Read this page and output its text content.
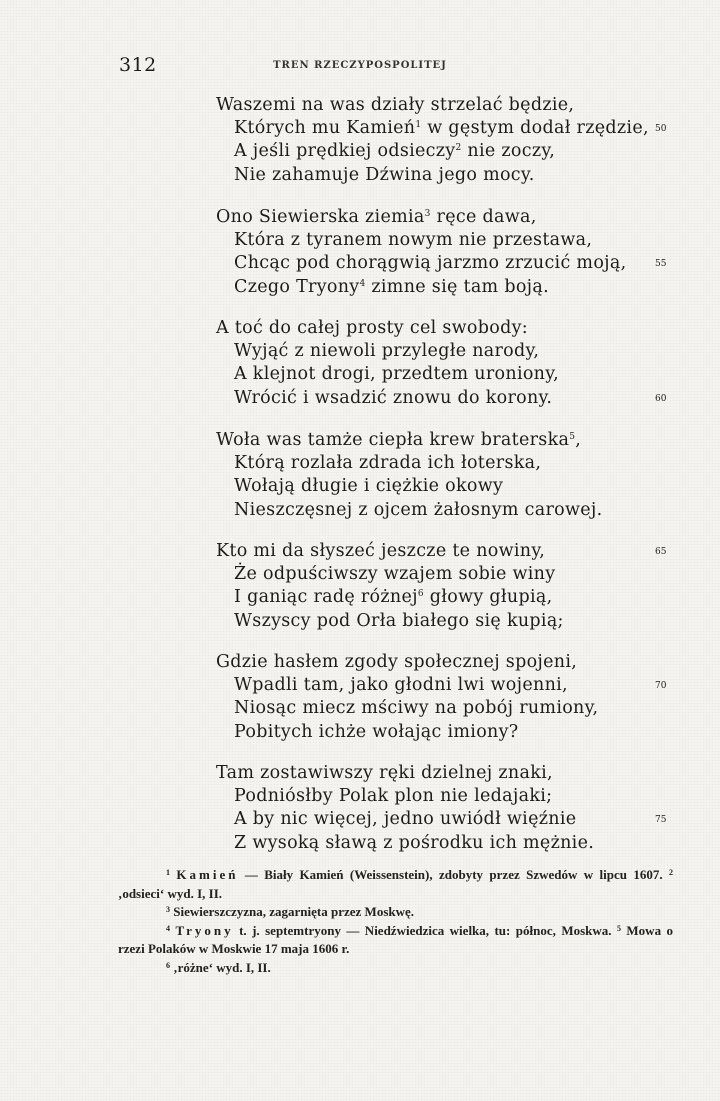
312	TREN RZECZYPOSPOLITEJ
Waszemi na was działy strzelać będzie,
Których mu Kamień$^1$ w gęstym dodał rzędzie, 50
A jeśli prędkiej odsieczy$^2$ nie zoczy,
Nie zahamuje Dźwina jego mocy.
Ono Siewierska ziemia$^3$ ręce dawa,
Która z tyranem nowym nie przestawa,
Chcąc pod chorągwią jarzmo zrzucić moją,	55
Czego Tryony$^4$ zimne się tam boją.
A toć do całej prosty cel swobody:
Wyjąć z niewoli przyległe narody,
A klejnot drogi, przedtem uroniony,
Wrócić i wsadzić znowu do korony.	60
Woła was tamże ciepła krew braterska$^5$,
Którą rozlała zdrada ich łoterska,
Wołają długie i ciężkie okowy
Nieszczęsnej z ojcem żałosnym carowej.
Kto mi da słyszeć jeszcze te nowiny,	65
Że odpuściwszy wzajem sobie winy
I ganiąc radę różnej$^6$ głowy głupią,
Wszyscy pod Orła białego się kupią;
Gdzie hasłem zgody społecznej spojeni,
Wpadli tam, jako głodni lwi wojenni,	70
Niosąc miecz mściwy na pobój rumiony,
Pobitych ichże wołając imiony?
Tam zostawiwszy ręki dzielnej znaki,
Podniósłby Polak plon nie ledajaki;
A by nic więcej, jedno uwiódł więźnie	75
Z wysoką sławą z pośrodku ich mężnie.
$^1$ Kamień — Biały Kamień (Weissenstein), zdobyty przez Szwedów w lipcu 1607. $^2$ ‚odsieci‘ wyd. I, II.
$^3$ Siewierszczyzna, zagarnięta przez Moskwę.
$^4$ Tryony t. j. septemtryony — Niedźwiedzica wielka, tu: północ, Moskwa. $^5$ Mowa o rzezi Polaków w Moskwie 17 maja 1606 r.
$^6$ ‚różne‘ wyd. I, II.
